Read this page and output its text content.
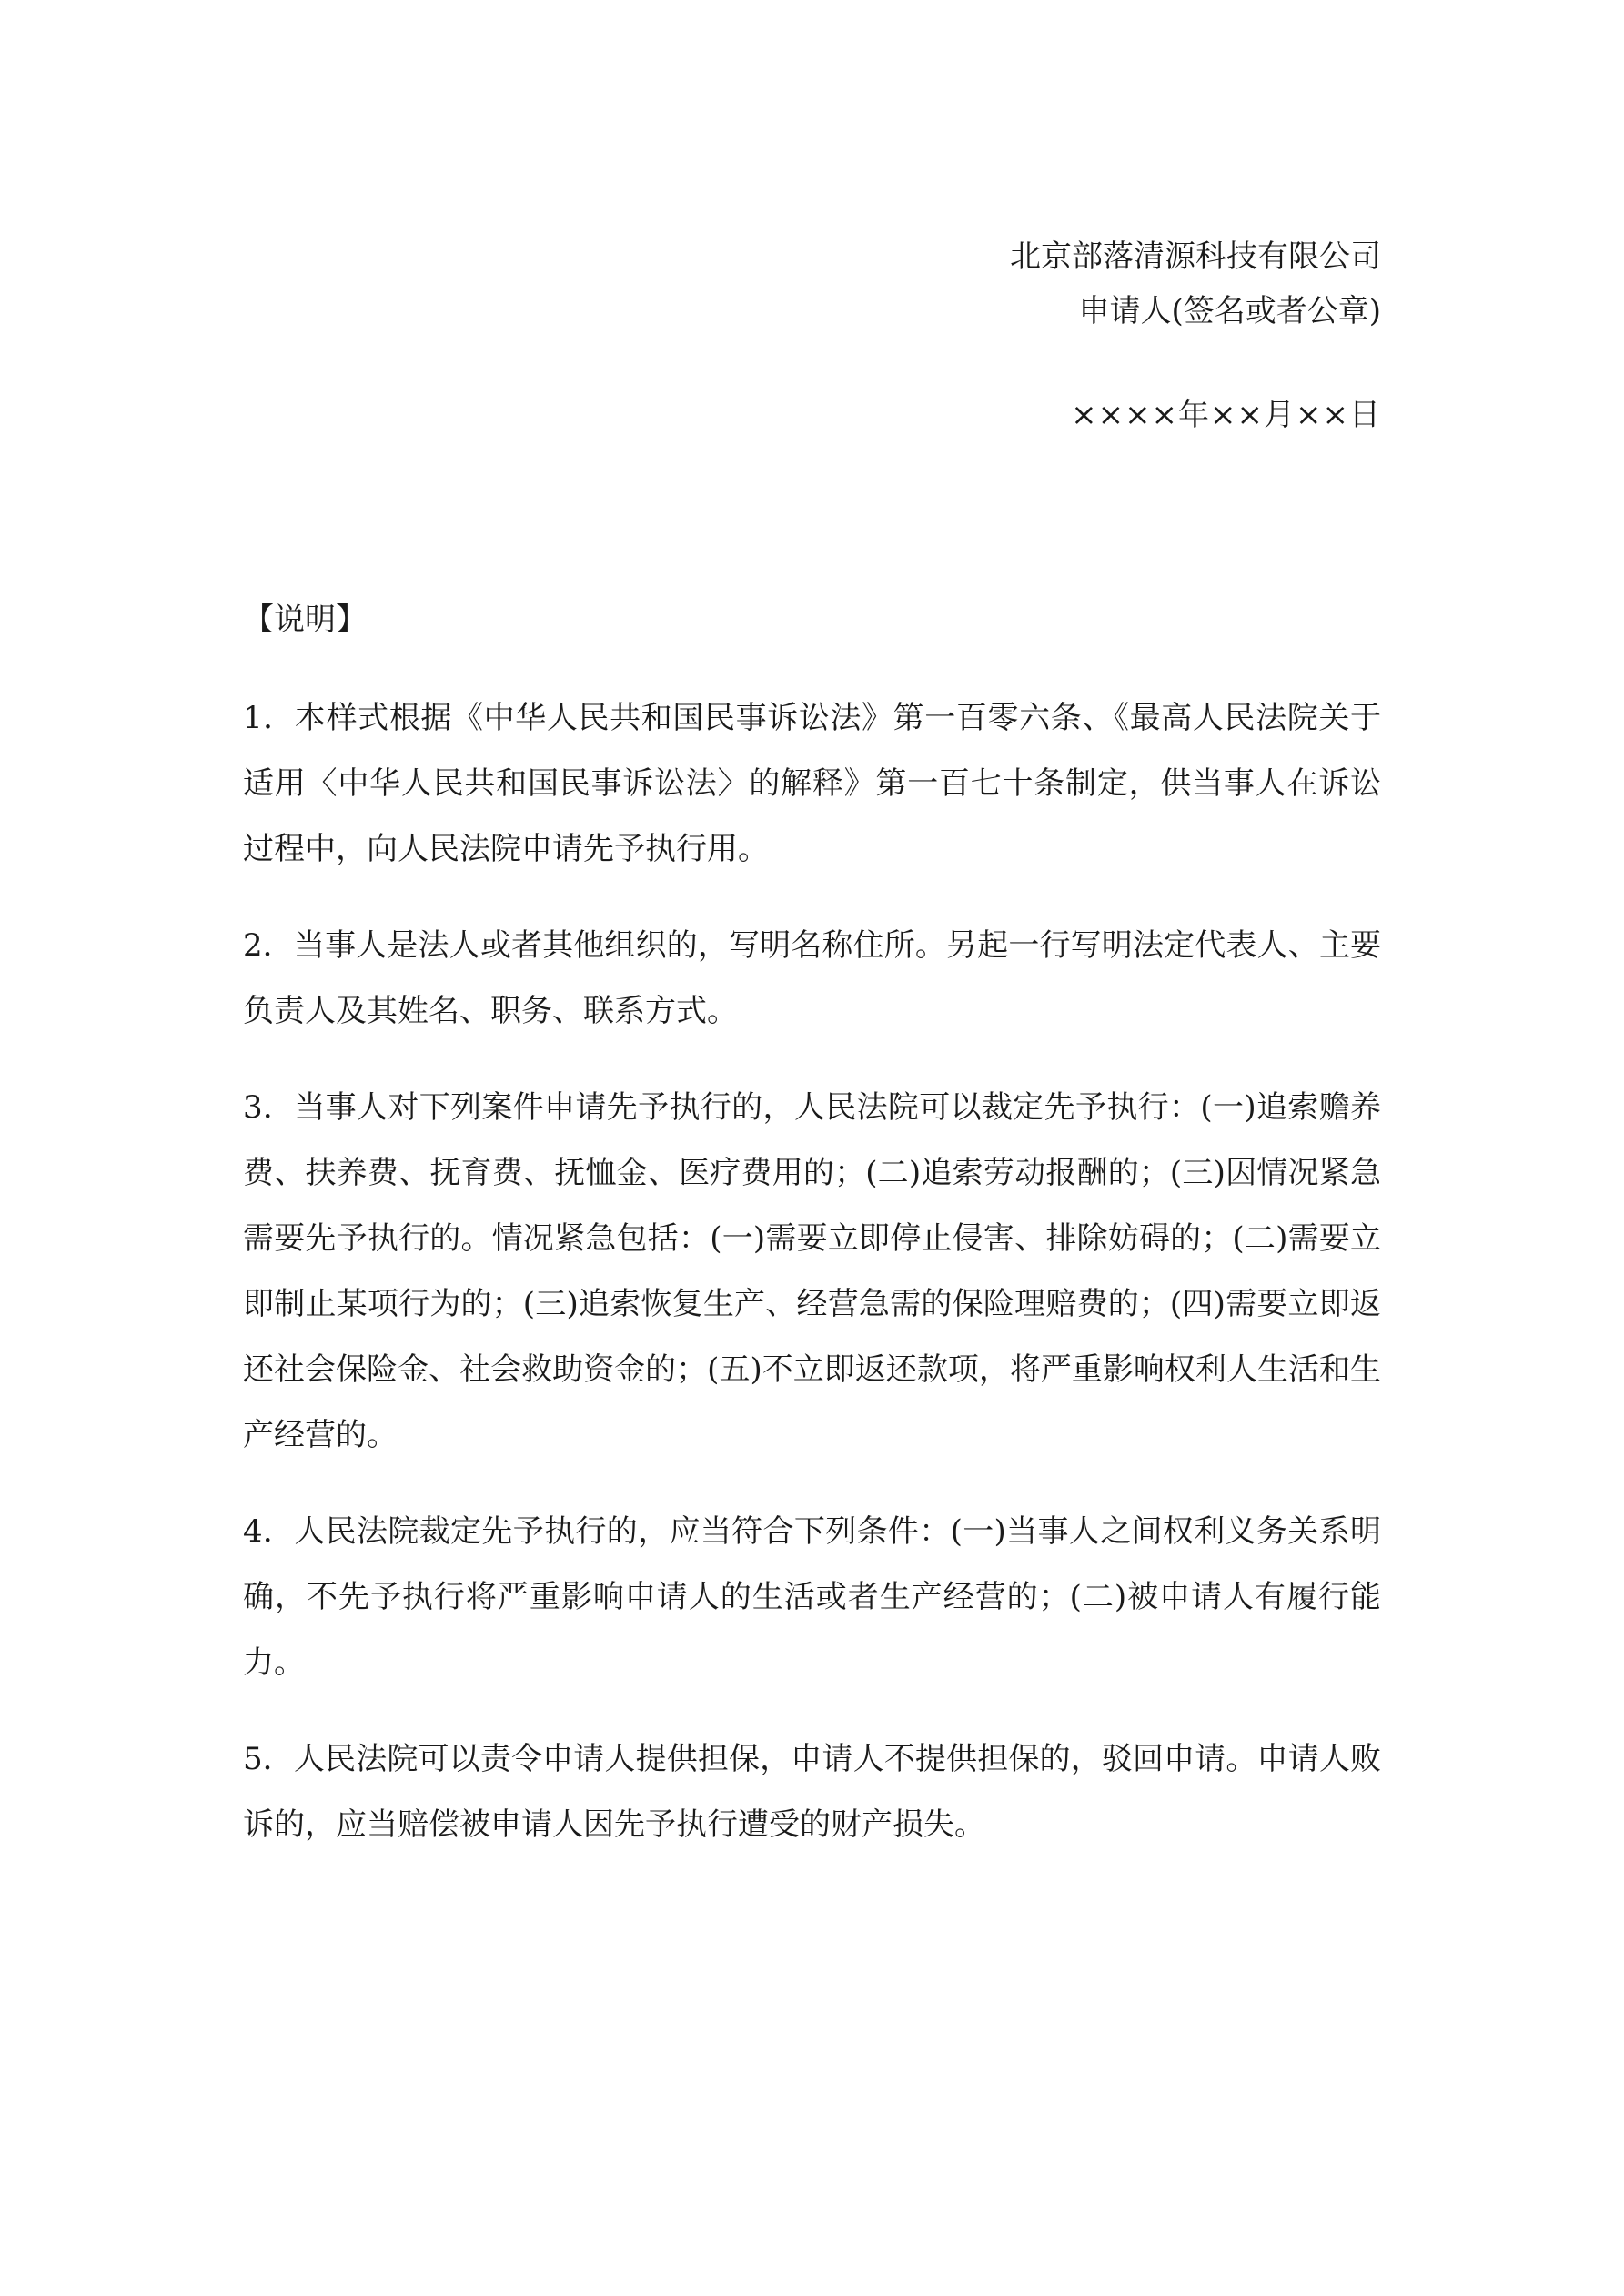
北京部落清源科技有限公司
申请人(签名或者公章)
××××年××月××日
【说明】

1．本样式根据《中华人民共和国民事诉讼法》第一百零六条、《最高人民法院关于适用〈中华人民共和国民事诉讼法〉的解释》第一百七十条制定，供当事人在诉讼过程中，向人民法院申请先予执行用。

2．当事人是法人或者其他组织的，写明名称住所。另起一行写明法定代表人、主要负责人及其姓名、职务、联系方式。

3．当事人对下列案件申请先予执行的，人民法院可以裁定先予执行：(一)追索赡养费、扶养费、抚育费、抚恤金、医疗费用的；(二)追索劳动报酬的；(三)因情况紧急需要先予执行的。情况紧急包括：(一)需要立即停止侵害、排除妨碍的；(二)需要立即制止某项行为的；(三)追索恢复生产、经营急需的保险理赔费的；(四)需要立即返还社会保险金、社会救助资金的；(五)不立即返还款项，将严重影响权利人生活和生产经营的。

4．人民法院裁定先予执行的，应当符合下列条件：(一)当事人之间权利义务关系明确，不先予执行将严重影响申请人的生活或者生产经营的；(二)被申请人有履行能力。

5．人民法院可以责令申请人提供担保，申请人不提供担保的，驳回申请。申请人败诉的，应当赔偿被申请人因先予执行遭受的财产损失。
